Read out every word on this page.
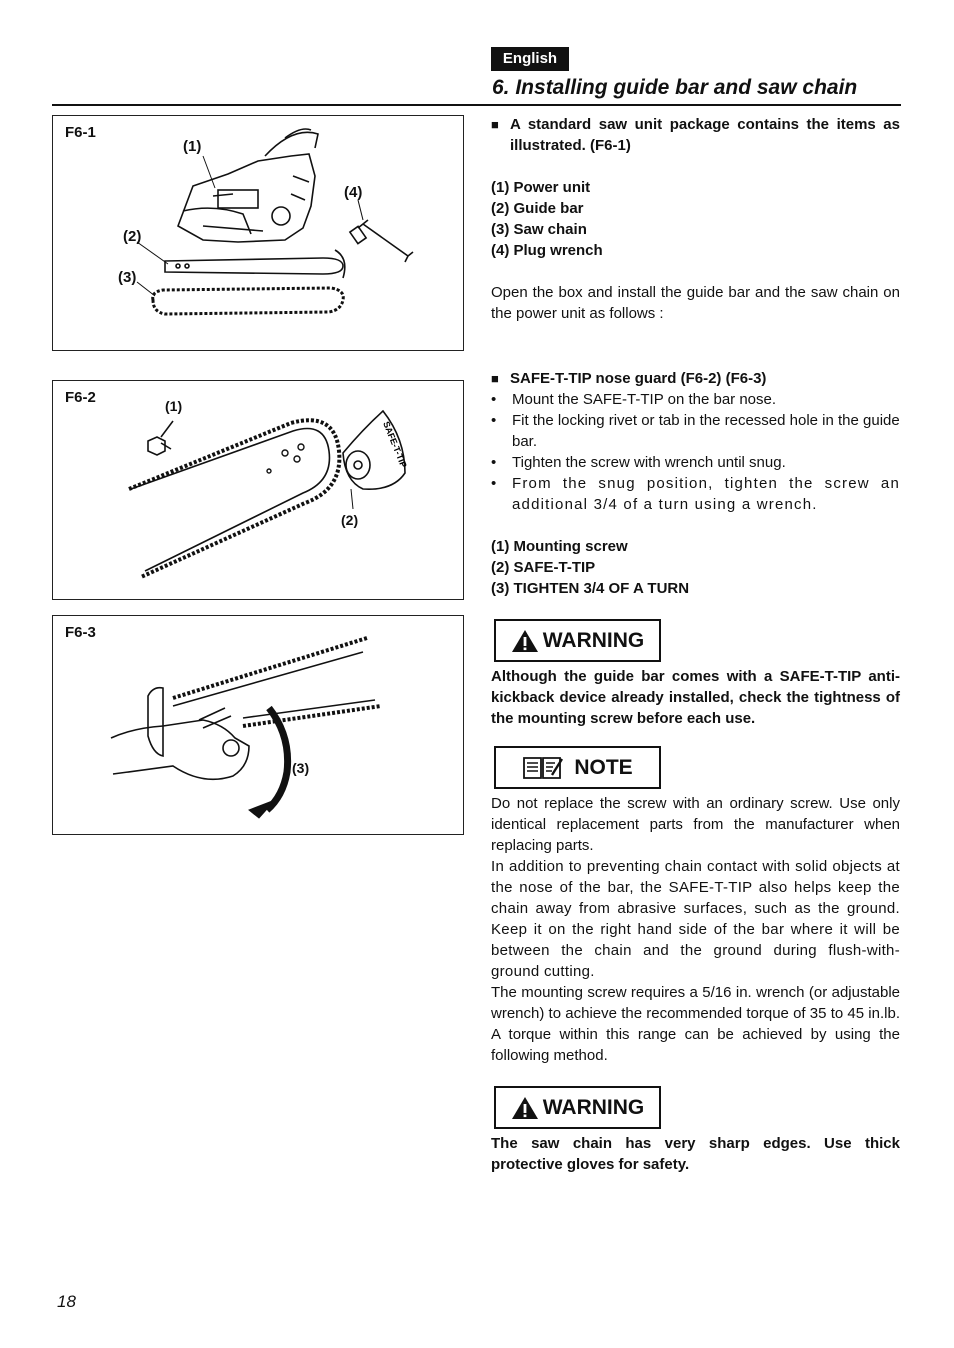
English
6. Installing guide bar and saw chain
F6-1
(1)
(2)
(3)
(4)
SAFE-T-TIP
F6-2	(1)
(2)
F6-3
(3)
■ A standard saw unit package contains the items as illustrated. (F6-1)
(1) Power unit
(2) Guide bar
(3) Saw chain
(4) Plug wrench

Open the box and install the guide bar and the saw chain on the power unit as follows :

■ SAFE-T-TIP nose guard (F6-2) (F6-3)
•	Mount the SAFE-T-TIP on the bar nose.
•	Fit the locking rivet or tab in the recessed hole in the guide bar.
•	Tighten the screw with wrench until snug.
•	From the snug position, tighten the screw an additional 3/4 of a turn using a wrench.
(1) Mounting screw
(2) SAFE-T-TIP
(3) TIGHTEN 3/4 OF A TURN
WARNING
Although the guide bar comes with a SAFE-T-TIP anti-kickback device already installed, check the tightness of the mounting screw before each use.
NOTE

Do not replace the screw with an ordinary screw. Use only identical replacement parts from the manufacturer when replacing parts.

In addition to preventing chain contact with solid objects at the nose of the bar, the SAFE-T-TIP also helps keep the chain away from abrasive surfaces, such as the ground. Keep it on the right hand side of the bar where it will be between the chain and the ground during flush-with-ground cutting.

The mounting screw requires a 5/16 in. wrench (or adjustable wrench) to achieve the recommended torque of 35 to 45 in.lb. A torque within this range can be achieved by using the following method.

WARNING
The saw chain has very sharp edges. Use thick protective gloves for safety.
18
